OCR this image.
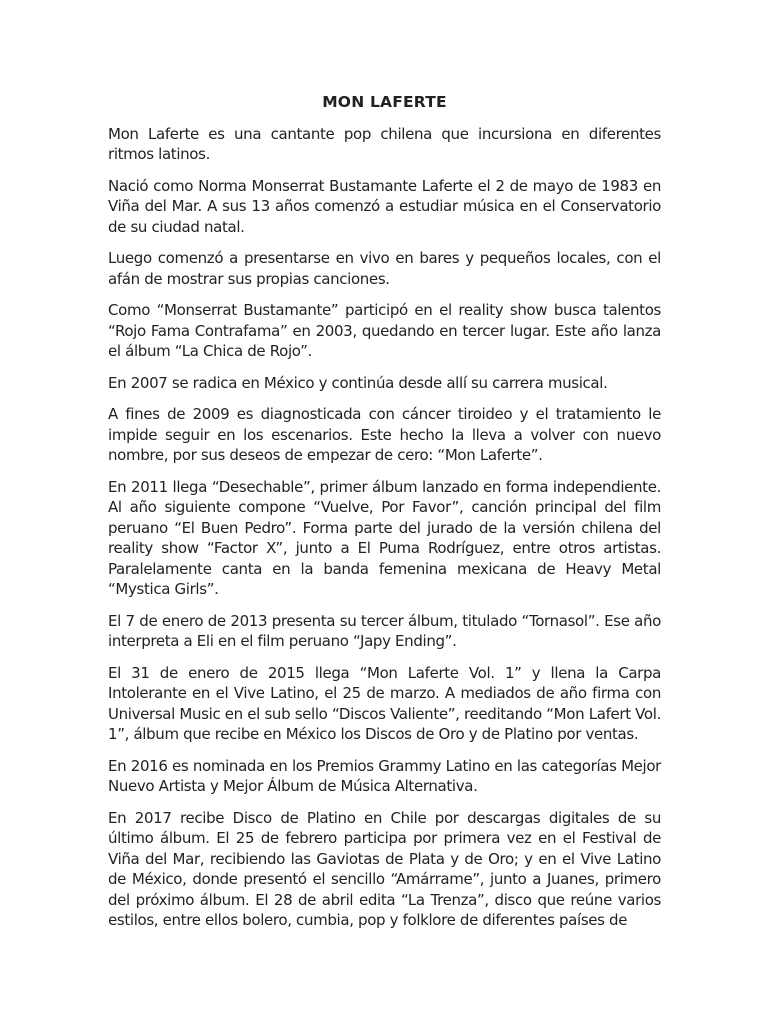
MON LAFERTE

Mon Laferte es una cantante pop chilena que incursiona en diferentes ritmos latinos.

Nació como Norma Monserrat Bustamante Laferte el 2 de mayo de 1983 en Viña del Mar. A sus 13 años comenzó a estudiar música en el Conservatorio de su ciudad natal.

Luego comenzó a presentarse en vivo en bares y pequeños locales, con el afán de mostrar sus propias canciones.

Como “Monserrat Bustamante” participó en el reality show busca talentos “Rojo Fama Contrafama” en 2003, quedando en tercer lugar. Este año lanza el álbum “La Chica de Rojo”.

En 2007 se radica en México y continúa desde allí su carrera musical.

A fines de 2009 es diagnosticada con cáncer tiroideo y el tratamiento le impide seguir en los escenarios. Este hecho la lleva a volver con nuevo nombre, por sus deseos de empezar de cero: “Mon Laferte”.

En 2011 llega “Desechable”, primer álbum lanzado en forma independiente. Al año siguiente compone “Vuelve, Por Favor”, canción principal del film peruano “El Buen Pedro”. Forma parte del jurado de la versión chilena del reality show “Factor X”, junto a El Puma Rodríguez, entre otros artistas. Paralelamente canta en la banda femenina mexicana de Heavy Metal “Mystica Girls”.

El 7 de enero de 2013 presenta su tercer álbum, titulado “Tornasol”. Ese año interpreta a Eli en el film peruano “Japy Ending”.

El 31 de enero de 2015 llega “Mon Laferte Vol. 1” y llena la Carpa Intolerante en el Vive Latino, el 25 de marzo. A mediados de año firma con Universal Music en el sub sello “Discos Valiente”, reeditando “Mon Lafert Vol. 1”, álbum que recibe en México los Discos de Oro y de Platino por ventas.

En 2016 es nominada en los Premios Grammy Latino en las categorías Mejor Nuevo Artista y Mejor Álbum de Música Alternativa.

En 2017 recibe Disco de Platino en Chile por descargas digitales de su último álbum. El 25 de febrero participa por primera vez en el Festival de Viña del Mar, recibiendo las Gaviotas de Plata y de Oro; y en el Vive Latino de México, donde presentó el sencillo “Amárrame”, junto a Juanes, primero del próximo álbum. El 28 de abril edita “La Trenza”, disco que reúne varios estilos, entre ellos bolero, cumbia, pop y folklore de diferentes países de
